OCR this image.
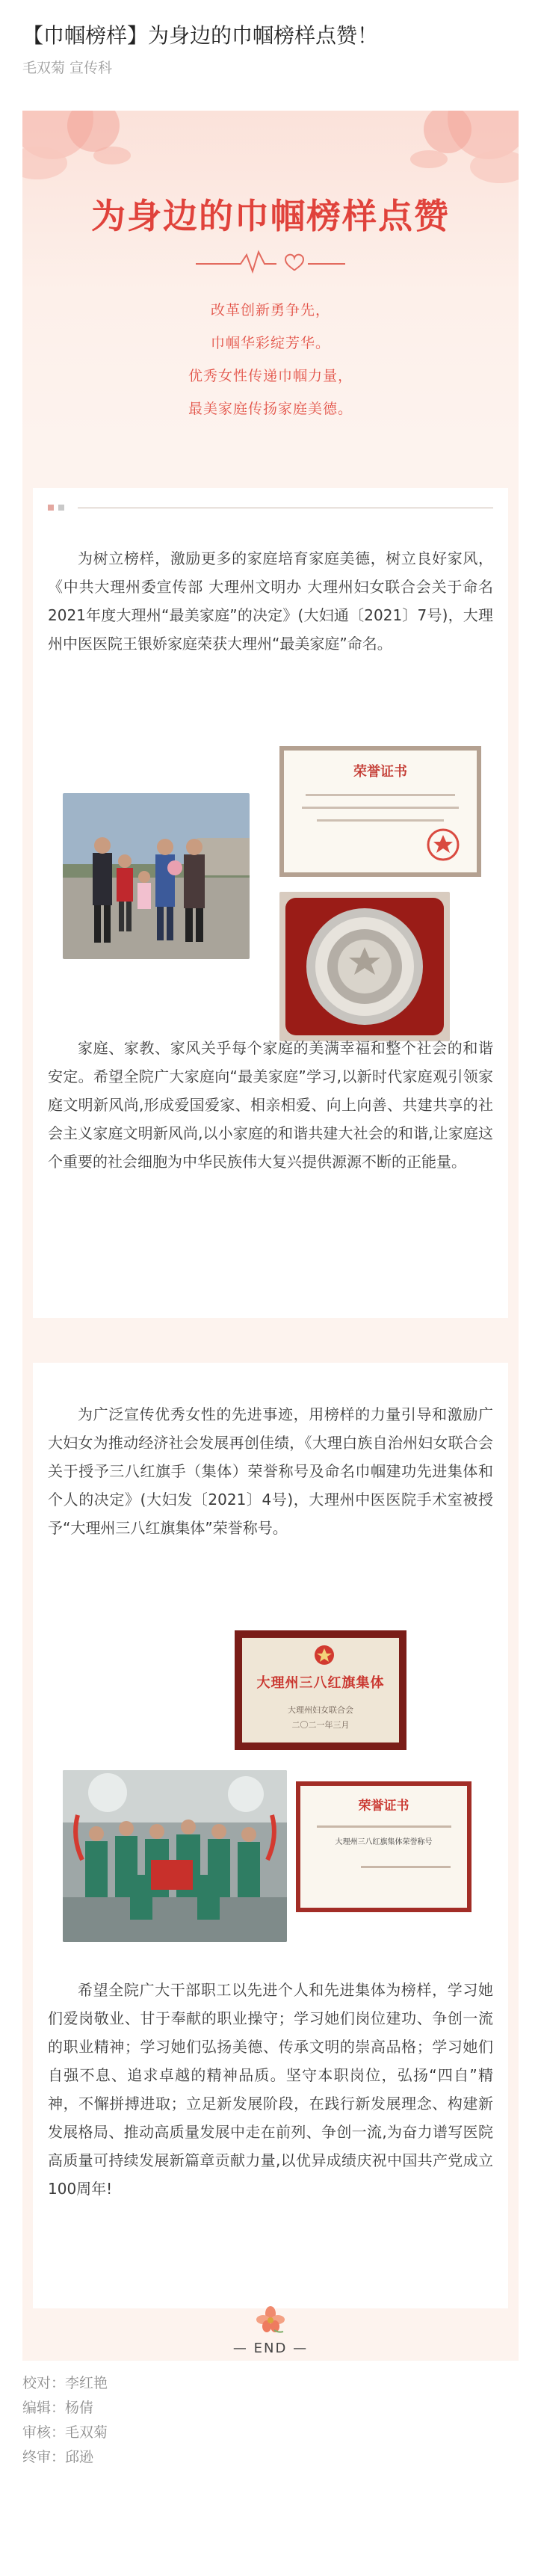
【巾帼榜样】为身边的巾帼榜样点赞！
毛双菊 宣传科
为身边的巾帼榜样点赞
改革创新勇争先，
巾帼华彩绽芳华。
优秀女性传递巾帼力量，
最美家庭传扬家庭美德。
为树立榜样，激励更多的家庭培育家庭美德，树立良好家风，《中共大理州委宣传部 大理州文明办 大理州妇女联合会关于命名2021年度大理州“最美家庭”的决定》(大妇通〔2021〕7号)，大理州中医医院王银娇家庭荣获大理州“最美家庭”命名。
荣誉证书
家庭、家教、家风关乎每个家庭的美满幸福和整个社会的和谐安定。希望全院广大家庭向“最美家庭”学习,以新时代家庭观引领家庭文明新风尚,形成爱国爱家、相亲相爱、向上向善、共建共享的社会主义家庭文明新风尚,以小家庭的和谐共建大社会的和谐,让家庭这个重要的社会细胞为中华民族伟大复兴提供源源不断的正能量。
为广泛宣传优秀女性的先进事迹，用榜样的力量引导和激励广大妇女为推动经济社会发展再创佳绩，《大理白族自治州妇女联合会关于授予三八红旗手（集体）荣誉称号及命名巾帼建功先进集体和个人的决定》(大妇发〔2021〕4号)，大理州中医医院手术室被授予“大理州三八红旗集体”荣誉称号。
大理州三八红旗集体
大理州妇女联合会
二〇二一年三月
荣誉证书
大理州三八红旗集体荣誉称号
希望全院广大干部职工以先进个人和先进集体为榜样，学习她们爱岗敬业、甘于奉献的职业操守；学习她们岗位建功、争创一流的职业精神；学习她们弘扬美德、传承文明的崇高品格；学习她们自强不息、追求卓越的精神品质。坚守本职岗位，弘扬“四自”精神，不懈拼搏进取；立足新发展阶段，在践行新发展理念、构建新发展格局、推动高质量发展中走在前列、争创一流,为奋力谱写医院高质量可持续发展新篇章贡献力量,以优异成绩庆祝中国共产党成立100周年!
— END —
校对：李红艳
编辑：杨倩
审核：毛双菊
终审：邱逊
